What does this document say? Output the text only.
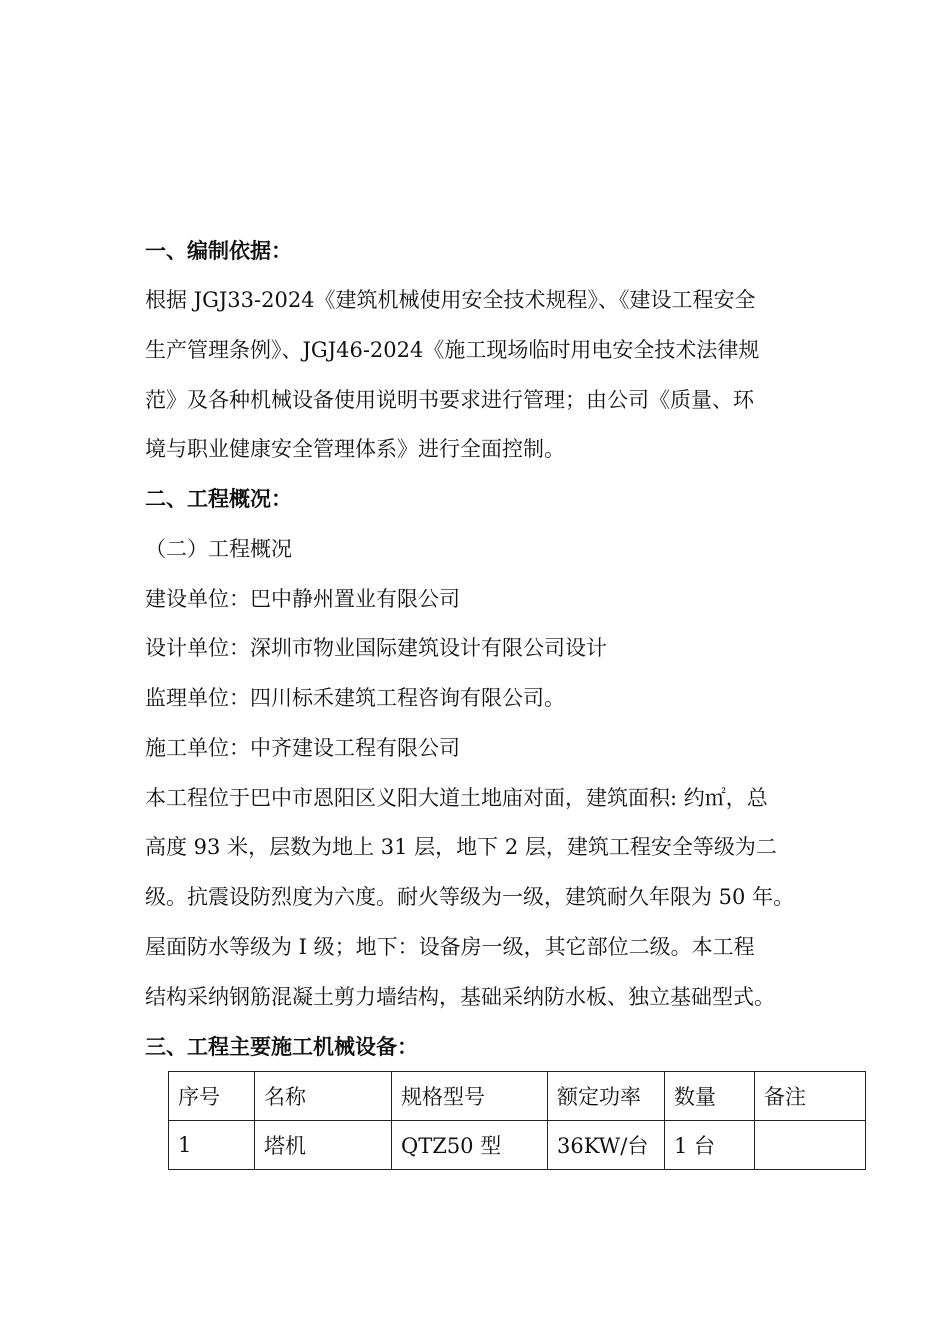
一、编制依据：
根据 JGJ33-2024《建筑机械使用安全技术规程》、《建设工程安全
生产管理条例》、JGJ46-2024《施工现场临时用电安全技术法律规
范》及各种机械设备使用说明书要求进行管理；由公司《质量、环
境与职业健康安全管理体系》进行全面控制。
二、工程概况：
（二）工程概况
建设单位：巴中静州置业有限公司
设计单位：深圳市物业国际建筑设计有限公司设计
监理单位：四川标禾建筑工程咨询有限公司。
施工单位：中齐建设工程有限公司
本工程位于巴中市恩阳区义阳大道土地庙对面，建筑面积: 约㎡，总
高度 93 米，层数为地上 31 层，地下 2 层，建筑工程安全等级为二
级。抗震设防烈度为六度。耐火等级为一级，建筑耐久年限为 50 年。
屋面防水等级为 I 级；地下：设备房一级，其它部位二级。本工程
结构采纳钢筋混凝土剪力墙结构，基础采纳防水板、独立基础型式。
三、工程主要施工机械设备：
序号	名称	规格型号	额定功率	数量	备注
1	塔机	QTZ50 型	36KW/台	1 台	
